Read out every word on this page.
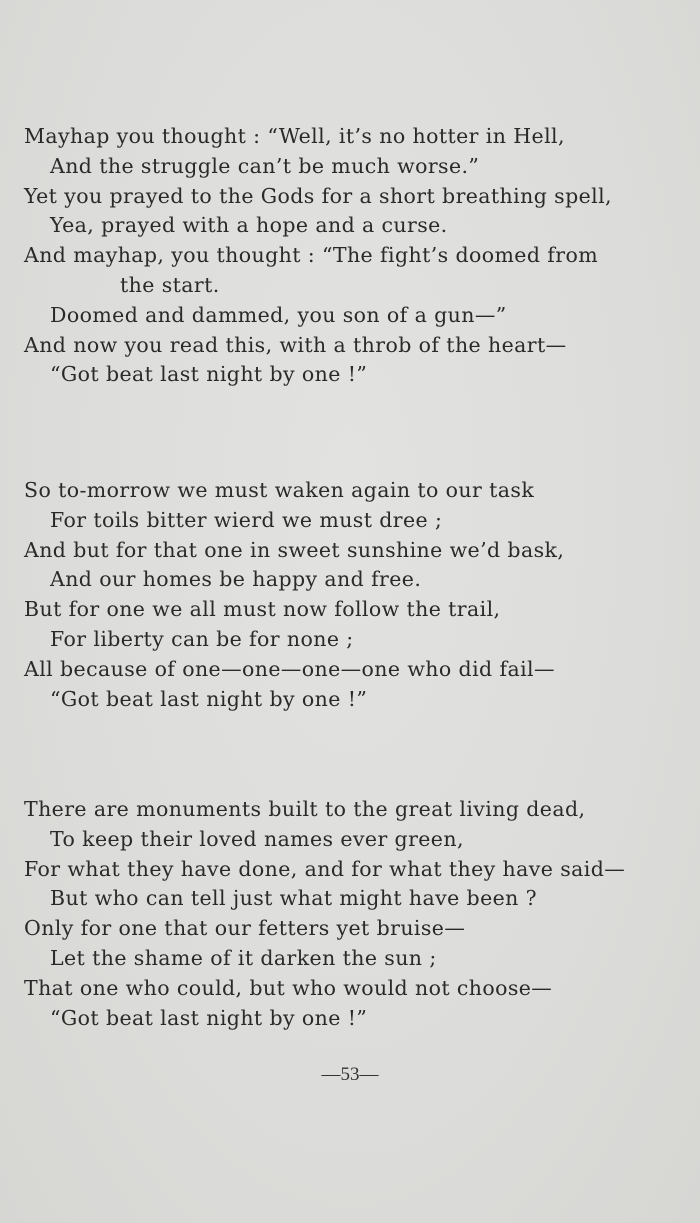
Mayhap you thought : “Well, it’s no hotter in Hell,
And the struggle can’t be much worse.”
Yet you prayed to the Gods for a short breathing spell,
Yea, prayed with a hope and a curse.
And mayhap, you thought : “The fight’s doomed from
the start.
Doomed and dammed, you son of a gun—”
And now you read this, with a throb of the heart—
“Got beat last night by one !”
So to-morrow we must waken again to our task
For toils bitter wierd we must dree ;
And but for that one in sweet sunshine we’d bask,
And our homes be happy and free.
But for one we all must now follow the trail,
For liberty can be for none ;
All because of one—one—one—one who did fail—
“Got beat last night by one !”
There are monuments built to the great living dead,
To keep their loved names ever green,
For what they have done, and for what they have said—
But who can tell just what might have been ?
Only for one that our fetters yet bruise—
Let the shame of it darken the sun ;
That one who could, but who would not choose—
“Got beat last night by one !”
—53—
